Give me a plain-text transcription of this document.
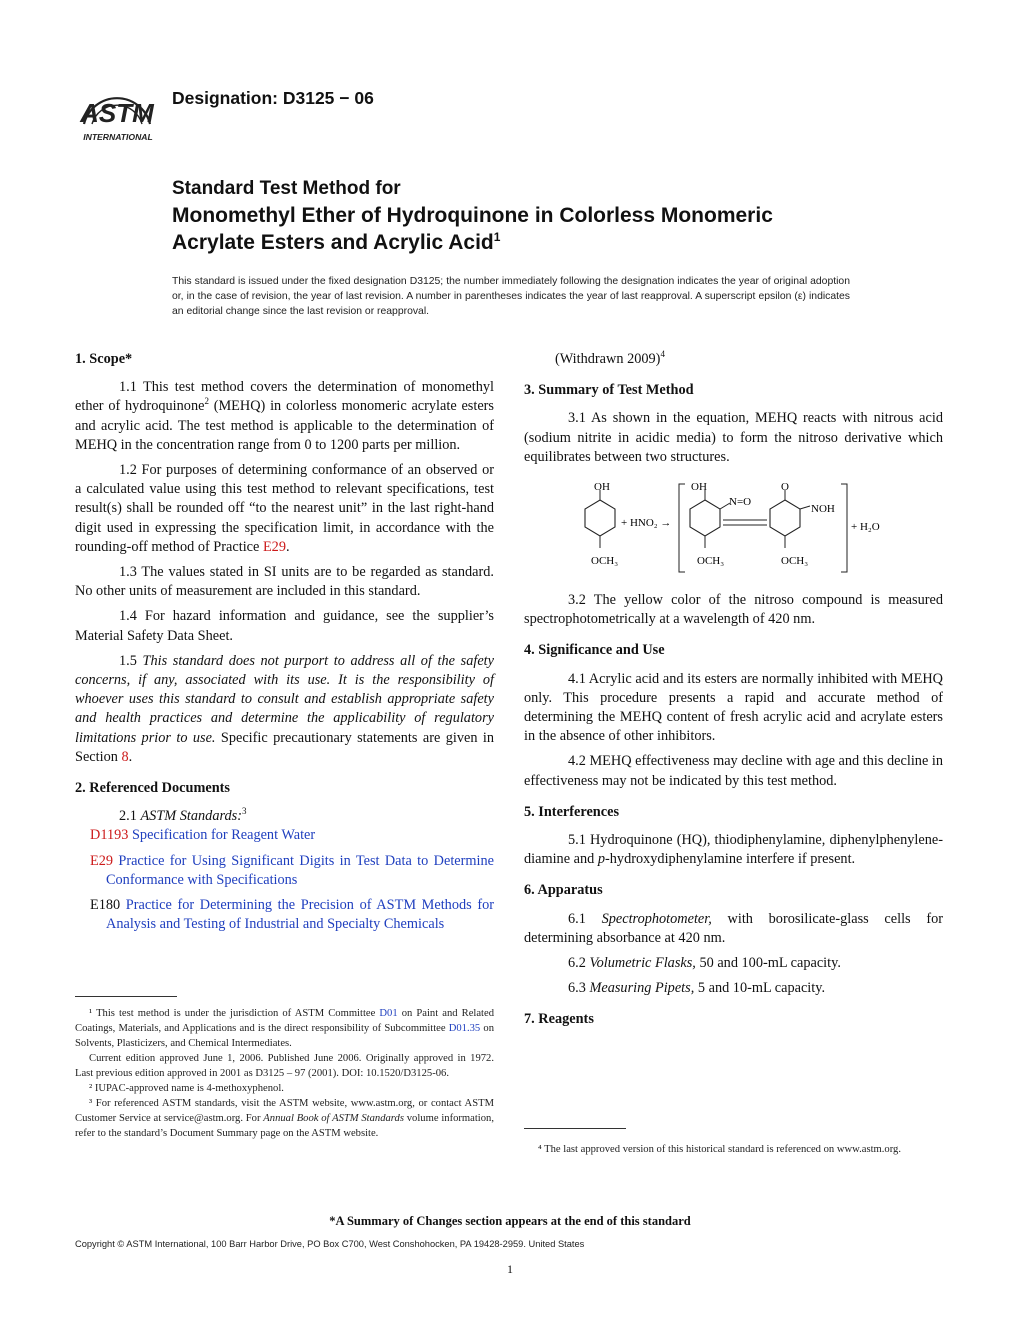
ASTM
INTERNATIONAL
Designation: D3125 − 06
Standard Test Method for
Monomethyl Ether of Hydroquinone in Colorless Monomeric
Acrylate Esters and Acrylic Acid$^1$
This standard is issued under the fixed designation D3125; the number immediately following the designation indicates the year of original adoption or, in the case of revision, the year of last revision. A number in parentheses indicates the year of last reapproval. A superscript epsilon (ε) indicates an editorial change since the last revision or reapproval.
1. Scope*

1.1 This test method covers the determination of monomethyl ether of hydroquinone$^2$ (MEHQ) in colorless monomeric acrylate esters and acrylic acid. The test method is applicable to the determination of MEHQ in the concentration range from 0 to 1200 parts per million.

1.2 For purposes of determining conformance of an observed or a calculated value using this test method to relevant specifications, test result(s) shall be rounded off “to the nearest unit” in the last right-hand digit used in expressing the specification limit, in accordance with the rounding-off method of Practice E29.

1.3 The values stated in SI units are to be regarded as standard. No other units of measurement are included in this standard.

1.4 For hazard information and guidance, see the supplier’s Material Safety Data Sheet.

1.5 This standard does not purport to address all of the safety concerns, if any, associated with its use. It is the responsibility of whoever uses this standard to consult and establish appropriate safety and health practices and determine the applicability of regulatory limitations prior to use. Specific precautionary statements are given in Section 8.

2. Referenced Documents

2.1 ASTM Standards:$^3$

D1193 Specification for Reagent Water

E29 Practice for Using Significant Digits in Test Data to Determine Conformance with Specifications

E180 Practice for Determining the Precision of ASTM Methods for Analysis and Testing of Industrial and Specialty Chemicals

¹ This test method is under the jurisdiction of ASTM Committee D01 on Paint and Related Coatings, Materials, and Applications and is the direct responsibility of Subcommittee D01.35 on Solvents, Plasticizers, and Chemical Intermediates.

Current edition approved June 1, 2006. Published June 2006. Originally approved in 1972. Last previous edition approved in 2001 as D3125 – 97 (2001). DOI: 10.1520/D3125-06.

² IUPAC-approved name is 4-methoxyphenol.

³ For referenced ASTM standards, visit the ASTM website, www.astm.org, or contact ASTM Customer Service at service@astm.org. For Annual Book of ASTM Standards volume information, refer to the standard’s Document Summary page on the ASTM website.

(Withdrawn 2009)$^4$

3. Summary of Test Method

3.1 As shown in the equation, MEHQ reacts with nitrous acid (sodium nitrite in acidic media) to form the nitroso derivative which equilibrates between two structures.

3.2 The yellow color of the nitroso compound is measured spectrophotometrically at a wavelength of 420 nm.

4. Significance and Use

4.1 Acrylic acid and its esters are normally inhibited with MEHQ only. This procedure presents a rapid and accurate method of determining the MEHQ content of fresh acrylic acid and acrylate esters in the absence of other inhibitors.

4.2 MEHQ effectiveness may decline with age and this decline in effectiveness may not be indicated by this test method.

5. Interferences

5.1 Hydroquinone (HQ), thiodiphenylamine, diphenylphenylene-diamine and p-hydroxydiphenylamine interfere if present.

6. Apparatus

6.1 Spectrophotometer, with borosilicate-glass cells for determining absorbance at 420 nm.

6.2 Volumetric Flasks, 50 and 100-mL capacity.

6.3 Measuring Pipets, 5 and 10-mL capacity.

7. Reagents
OH
OCH₃
+ HNO₂ →
OH
N=O
OCH₃
O
NOH
OCH₃
+ H₂O

⁴ The last approved version of this historical standard is referenced on www.astm.org.

*A Summary of Changes section appears at the end of this standard
Copyright © ASTM International, 100 Barr Harbor Drive, PO Box C700, West Conshohocken, PA 19428-2959. United States
1
